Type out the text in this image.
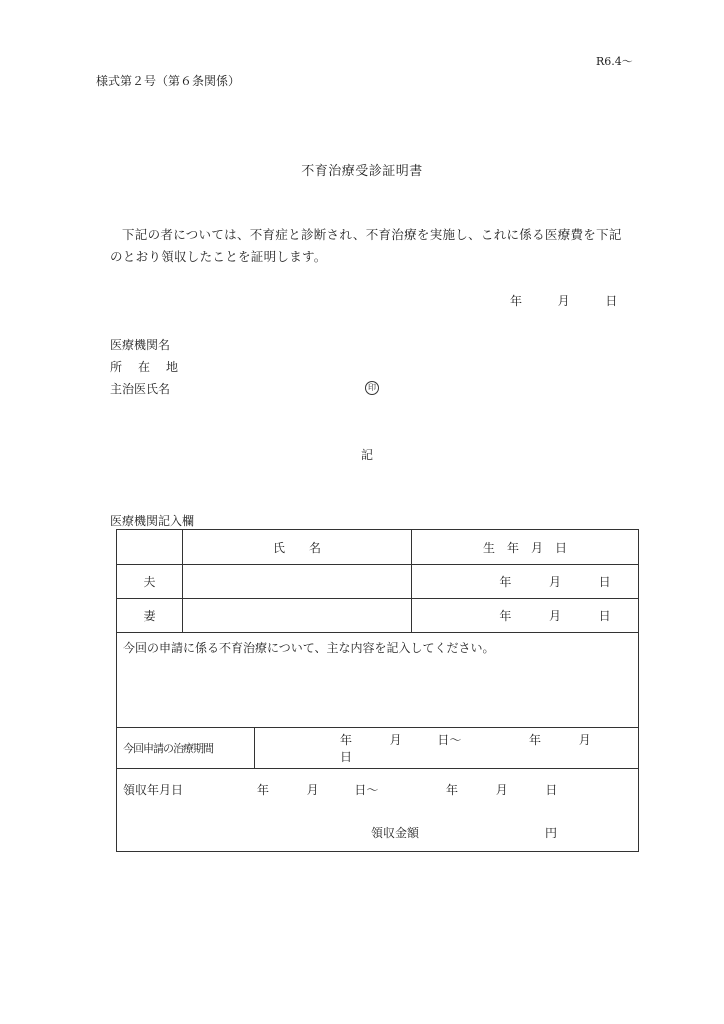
R6.4〜
様式第２号（第６条関係）
不育治療受診証明書
下記の者については、不育症と診断され、不育治療を実施し、これに係る医療費を下記のとおり領収したことを証明します。
年	月	日
医療機関名
所　在　地
主治医氏名	印
記
医療機関記入欄
	氏　　名		生　年　月　日
夫			年 月 日
妻			年 月 日
今回の申請に係る不育治療について、主な内容を記入してください。			
今回申請の治療期間		年 月 日〜 年 月  日	

領収年月日 年 月 日〜 年 月 日
領収金額 円			
